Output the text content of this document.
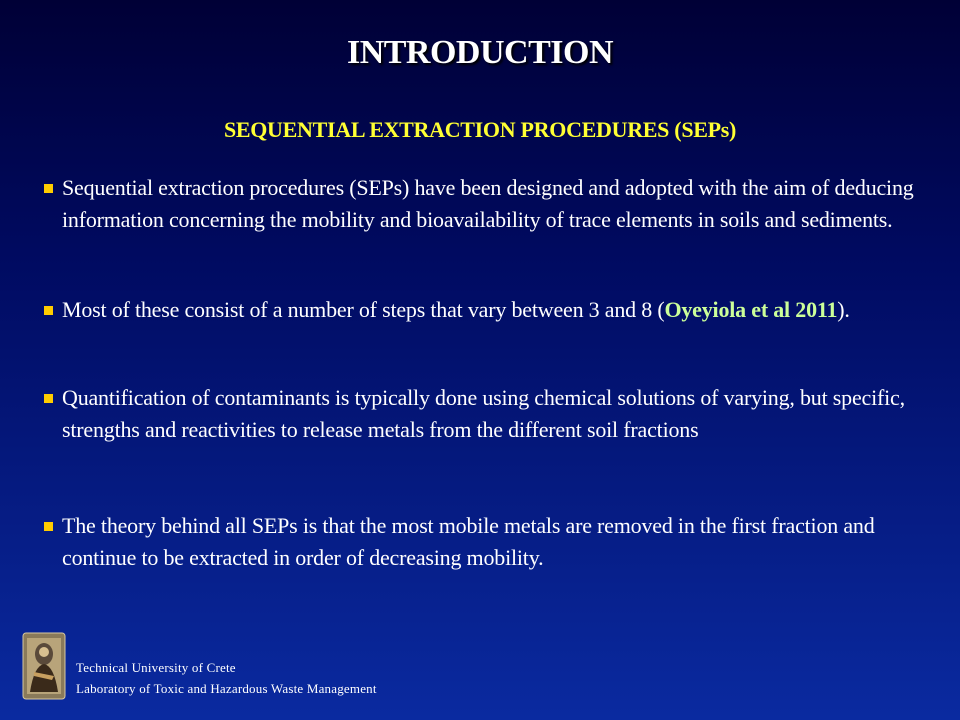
INTRODUCTION
SEQUENTIAL EXTRACTION PROCEDURES (SEPs)
Sequential extraction procedures (SEPs) have been designed and adopted with the aim of deducing information concerning the mobility and bioavailability of trace elements in soils and sediments.
Most of these consist of a number of steps that vary between 3 and 8 (Oyeyiola et al 2011).
Quantification of contaminants is typically done using chemical solutions of varying, but specific, strengths and reactivities to release metals from the different soil fractions
The theory behind all SEPs is that the most mobile metals are removed in the first fraction and continue to be extracted in order of decreasing mobility.
Technical University of Crete
Laboratory of Toxic and Hazardous Waste Management
